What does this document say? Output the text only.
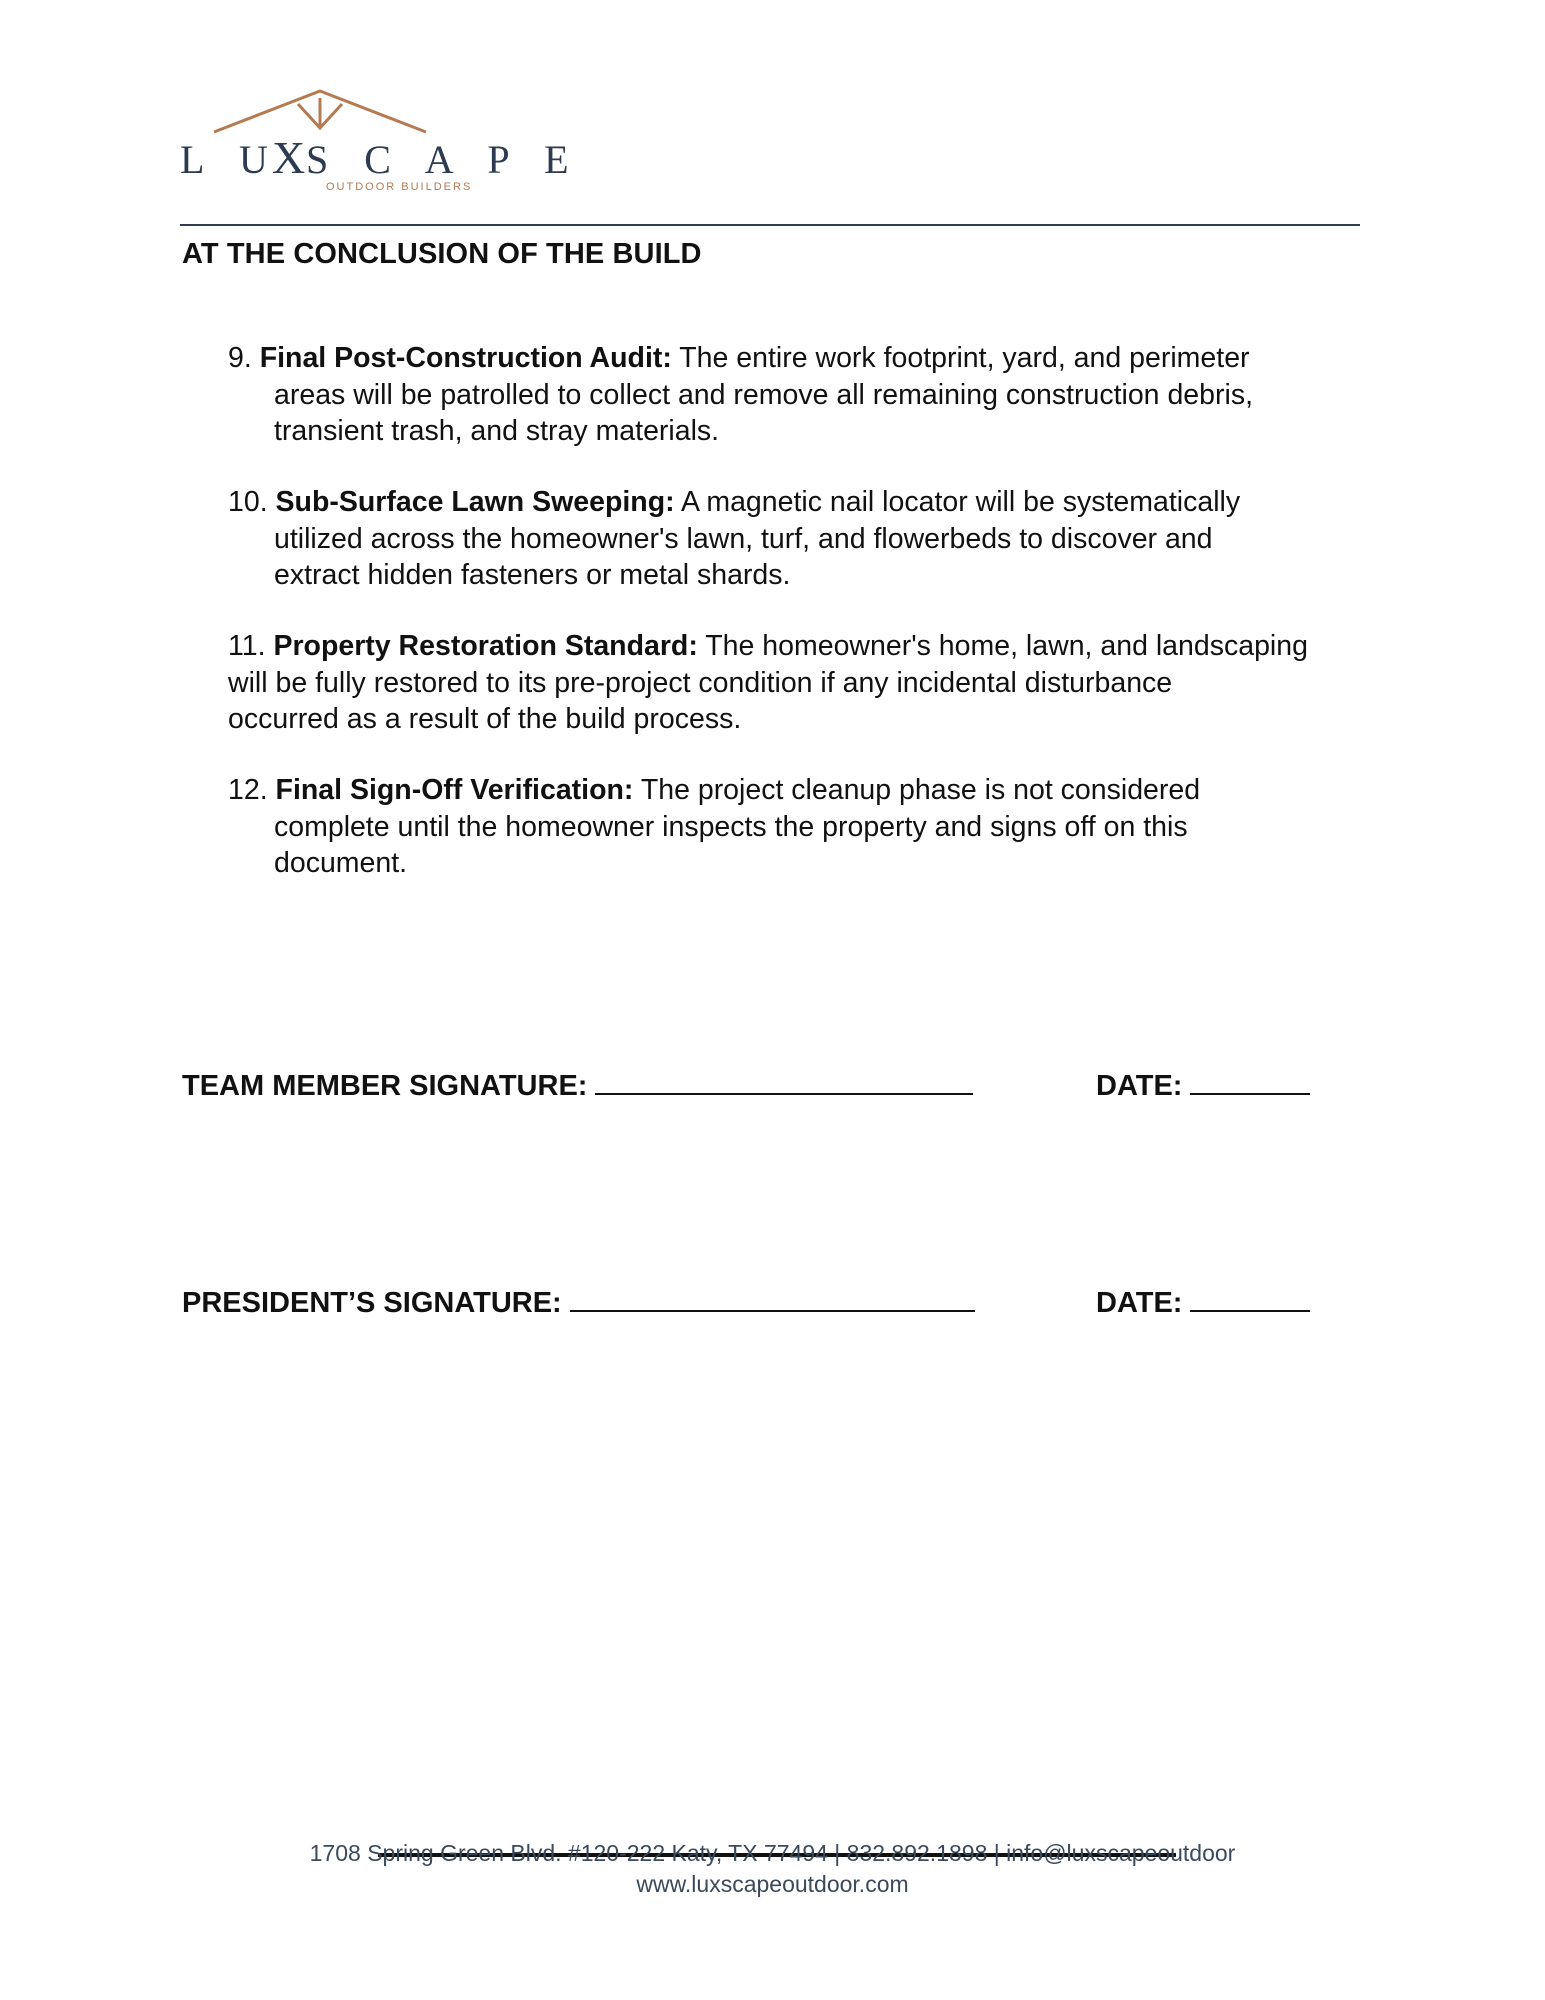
L U
X S C A P E
OUTDOOR BUILDERS
AT THE CONCLUSION OF THE BUILD
9. Final Post-Construction Audit: The entire work footprint, yard, and perimeter
areas will be patrolled to collect and remove all remaining construction debris,
transient trash, and stray materials.
10. Sub-Surface Lawn Sweeping: A magnetic nail locator will be systematically
utilized across the homeowner's lawn, turf, and flowerbeds to discover and
extract hidden fasteners or metal shards.
11. Property Restoration Standard: The homeowner's home, lawn, and landscaping
will be fully restored to its pre-project condition if any incidental disturbance
occurred as a result of the build process.
12. Final Sign-Off Verification: The project cleanup phase is not considered
complete until the homeowner inspects the property and signs off on this
document.
TEAM MEMBER SIGNATURE:	DATE:
PRESIDENT’S SIGNATURE:	DATE:
1708 Spring Green Blvd. #120-222 Katy, TX 77494 | 832.892.1898 | info@luxscapeoutdoor
www.luxscapeoutdoor.com
